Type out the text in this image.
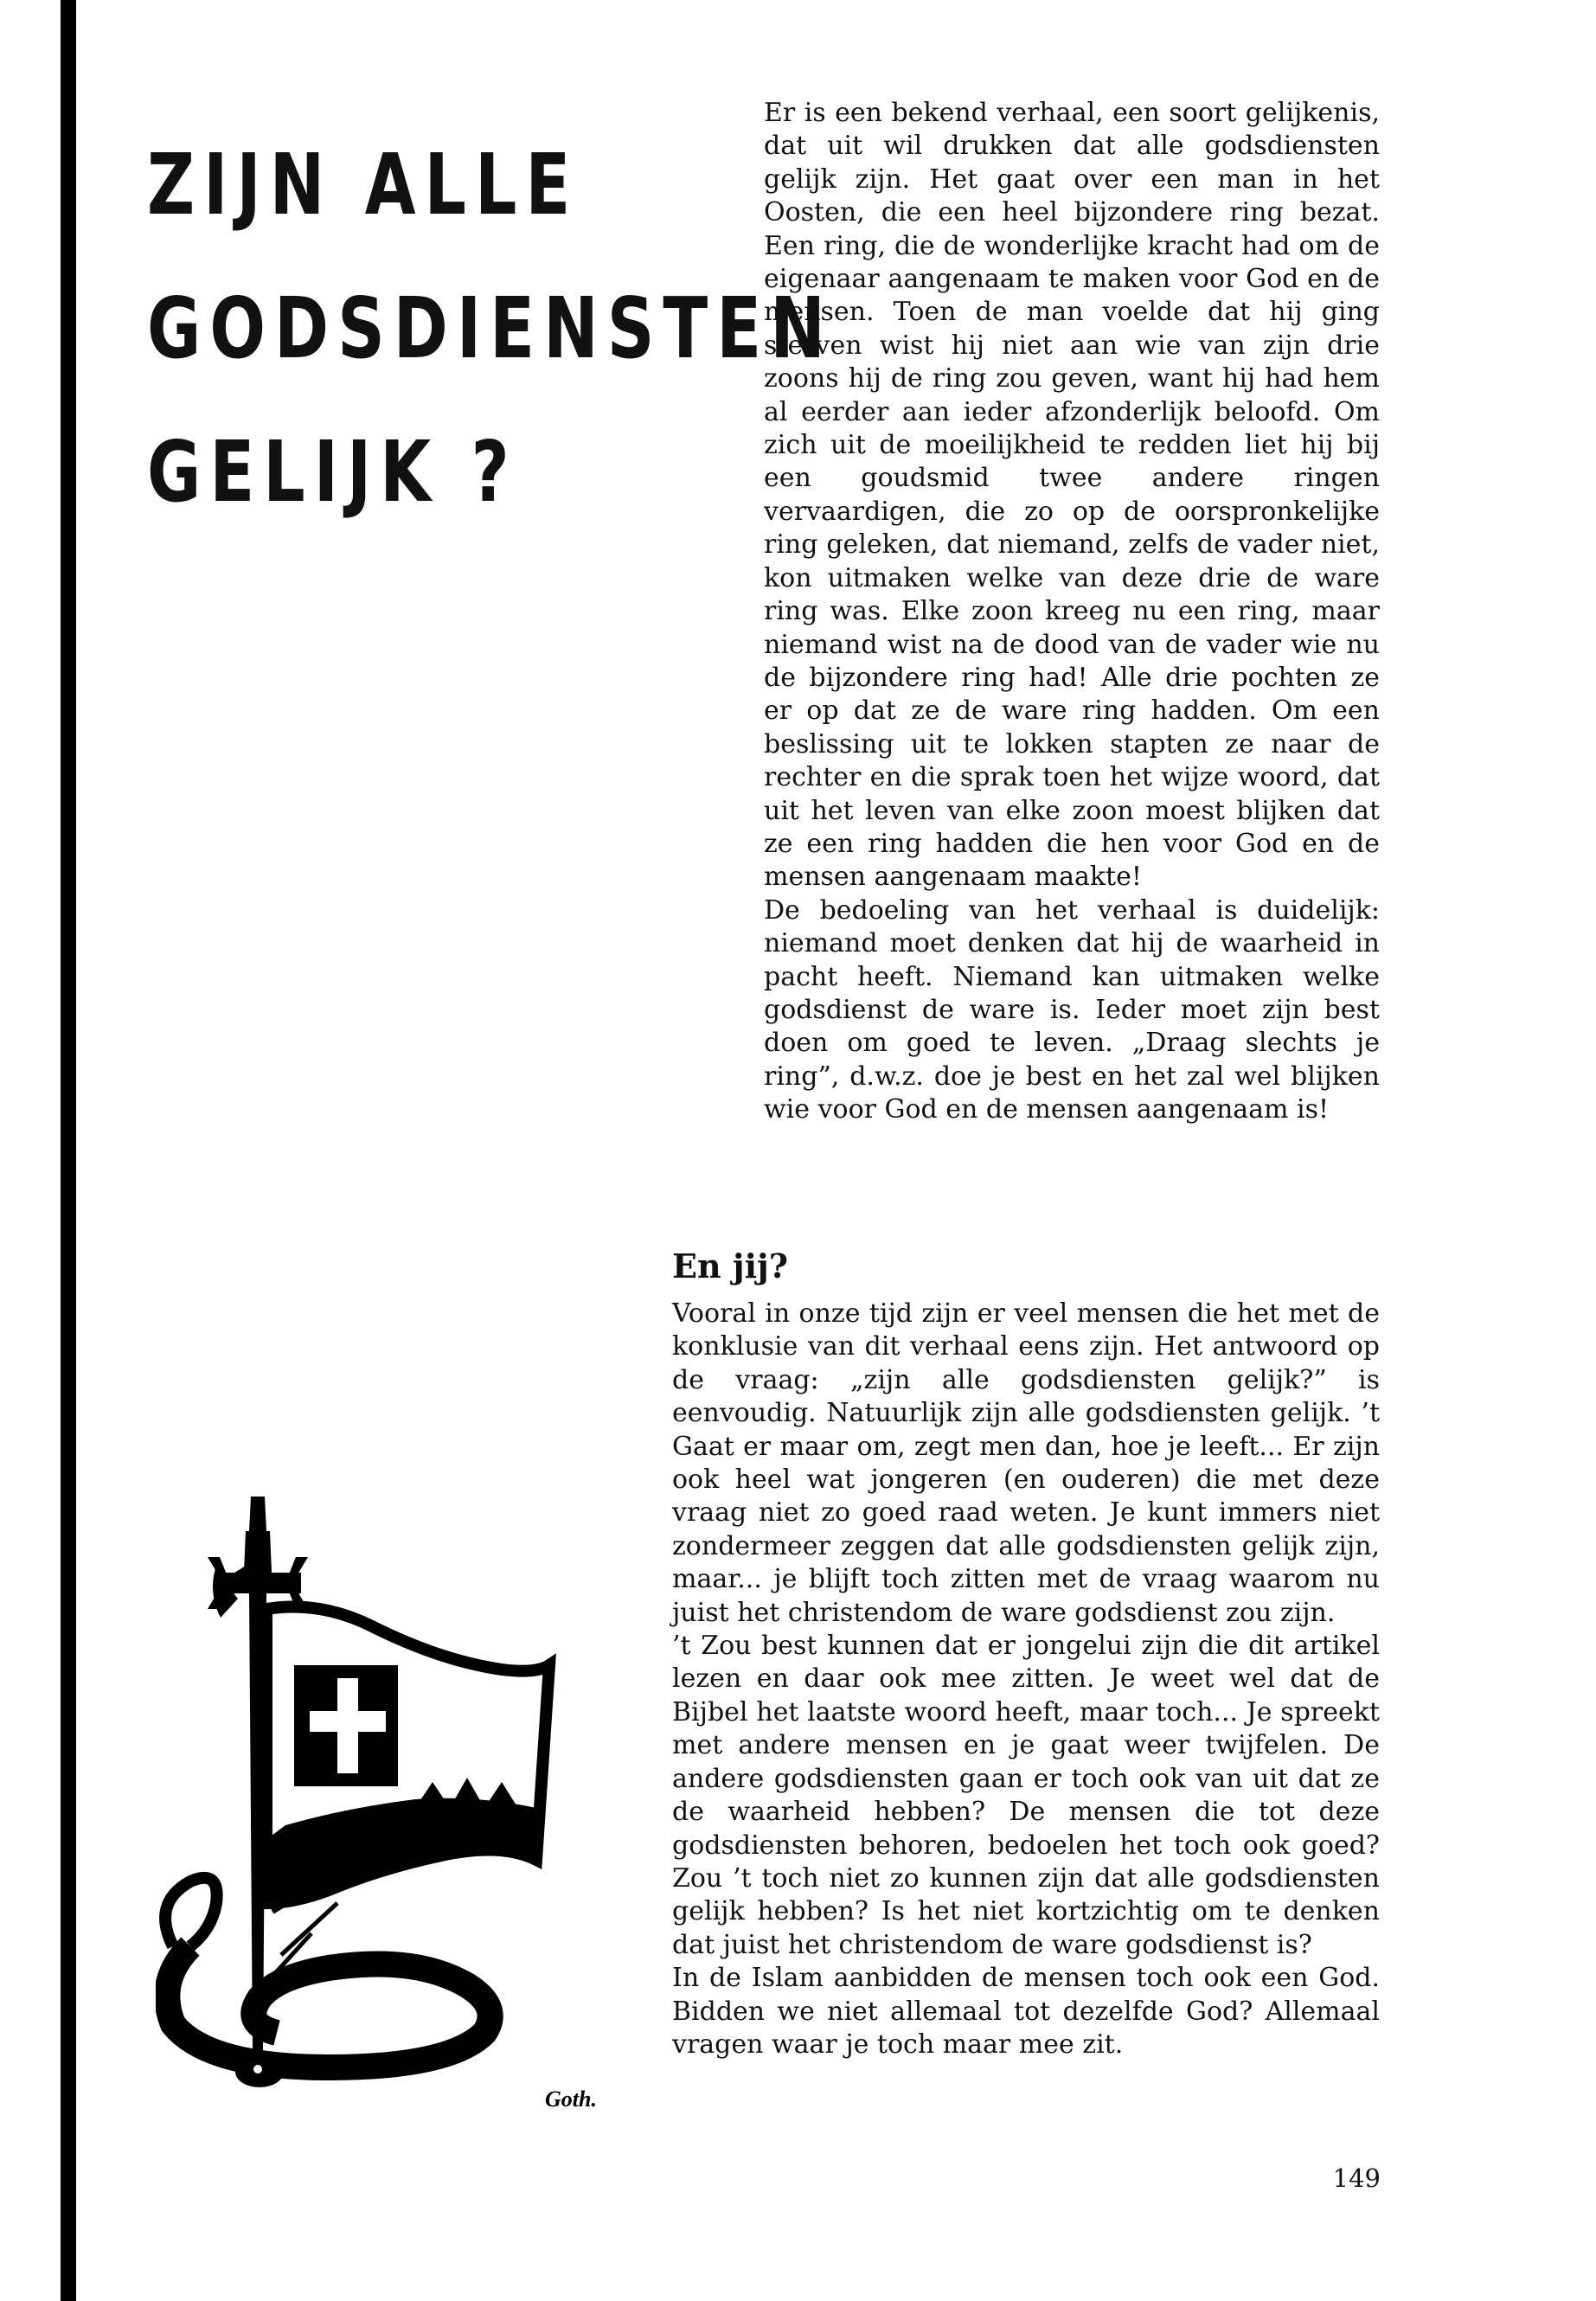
ZIJN ALLE
GODSDIENSTEN
GELIJK ?

Er is een bekend verhaal, een soort gelijkenis, dat uit wil drukken dat alle godsdiensten gelijk zijn. Het gaat over een man in het Oosten, die een heel bijzondere ring bezat. Een ring, die de wonderlijke kracht had om de eigenaar aangenaam te maken voor God en de mensen. Toen de man voelde dat hij ging sterven wist hij niet aan wie van zijn drie zoons hij de ring zou geven, want hij had hem al eerder aan ieder afzonderlijk beloofd. Om zich uit de moeilijkheid te redden liet hij bij een goudsmid twee andere ringen vervaardigen, die zo op de oorspronkelijke ring geleken, dat niemand, zelfs de vader niet, kon uitmaken welke van deze drie de ware ring was. Elke zoon kreeg nu een ring, maar niemand wist na de dood van de vader wie nu de bijzondere ring had! Alle drie pochten ze er op dat ze de ware ring hadden. Om een beslissing uit te lokken stapten ze naar de rechter en die sprak toen het wijze woord, dat uit het leven van elke zoon moest blijken dat ze een ring hadden die hen voor God en de mensen aangenaam maakte!

De bedoeling van het verhaal is duidelijk: niemand moet denken dat hij de waarheid in pacht heeft. Niemand kan uitmaken welke godsdienst de ware is. Ieder moet zijn best doen om goed te leven. „Draag slechts je ring”, d.w.z. doe je best en het zal wel blijken wie voor God en de mensen aangenaam is!

En jij?

Vooral in onze tijd zijn er veel mensen die het met de konklusie van dit verhaal eens zijn. Het antwoord op de vraag: „zijn alle godsdiensten gelijk?” is eenvoudig. Natuurlijk zijn alle godsdiensten gelijk. ’t Gaat er maar om, zegt men dan, hoe je leeft... Er zijn ook heel wat jongeren (en ouderen) die met deze vraag niet zo goed raad weten. Je kunt immers niet zondermeer zeggen dat alle godsdiensten gelijk zijn, maar... je blijft toch zitten met de vraag waarom nu juist het christendom de ware godsdienst zou zijn.

’t Zou best kunnen dat er jongelui zijn die dit artikel lezen en daar ook mee zitten. Je weet wel dat de Bijbel het laatste woord heeft, maar toch... Je spreekt met andere mensen en je gaat weer twijfelen. De andere godsdiensten gaan er toch ook van uit dat ze de waarheid hebben? De mensen die tot deze godsdiensten behoren, bedoelen het toch ook goed? Zou ’t toch niet zo kunnen zijn dat alle godsdiensten gelijk hebben? Is het niet kortzichtig om te denken dat juist het christendom de ware godsdienst is?

In de Islam aanbidden de mensen toch ook een God. Bidden we niet allemaal tot dezelfde God? Allemaal vragen waar je toch maar mee zit.

Goth.
149
